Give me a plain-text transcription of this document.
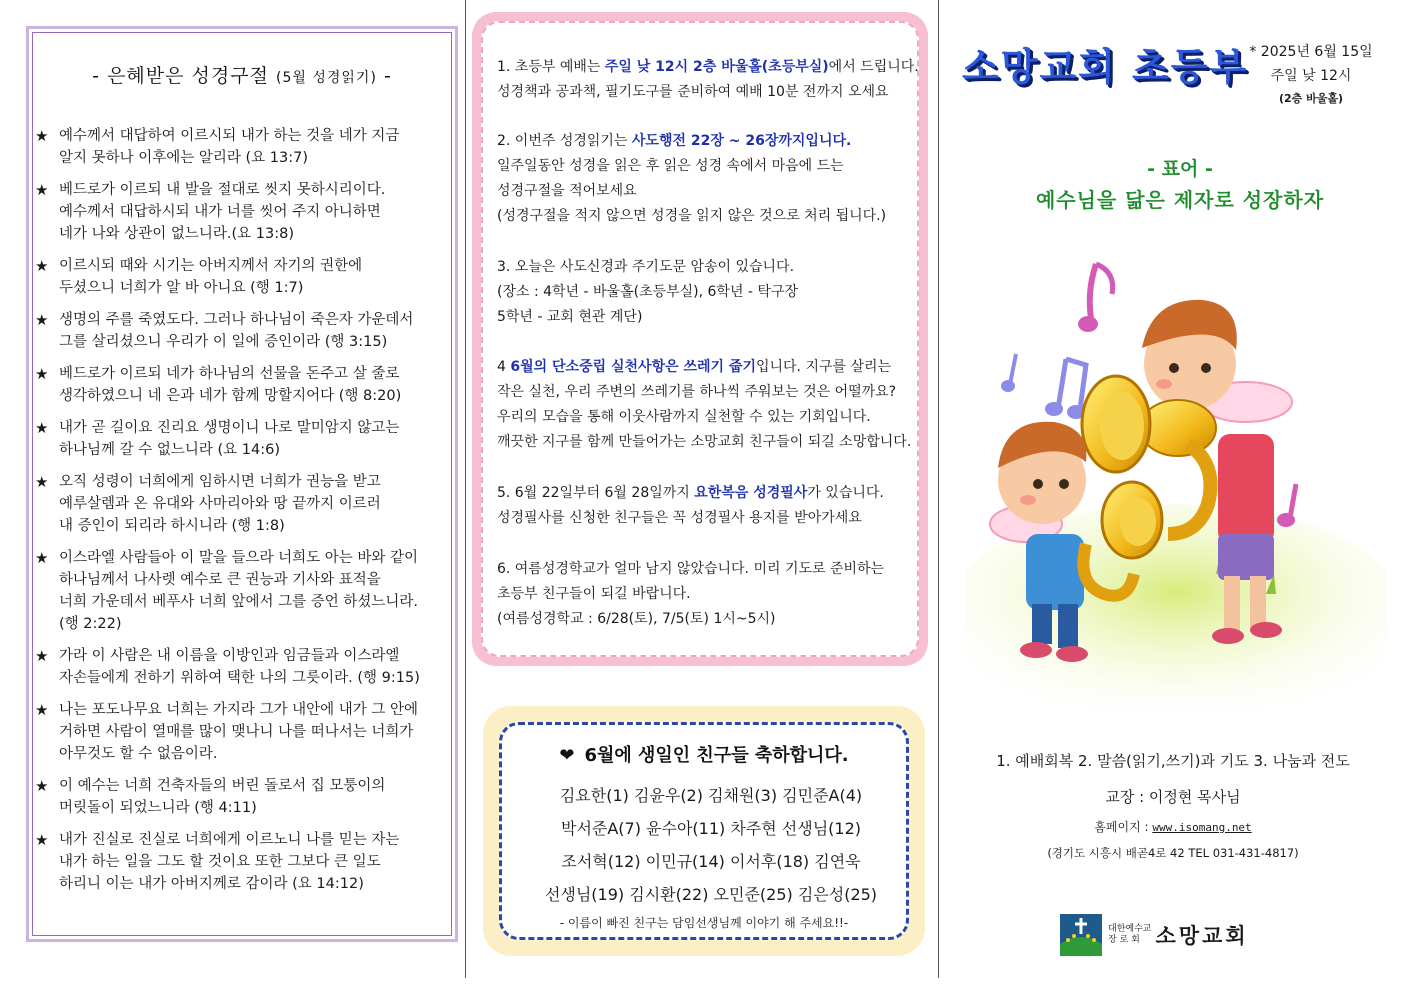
- 은혜받은 성경구절 (5월 성경읽기) -
★ 예수께서 대답하여 이르시되 내가 하는 것을 네가 지금
알지 못하나 이후에는 알리라 (요 13:7)
★ 베드로가 이르되 내 발을 절대로 씻지 못하시리이다.
예수께서 대답하시되 내가 너를 씻어 주지 아니하면
네가 나와 상관이 없느니라.(요 13:8)
★ 이르시되 때와 시기는 아버지께서 자기의 권한에
두셨으니 너희가 알 바 아니요 (행 1:7)
★ 생명의 주를 죽였도다. 그러나 하나님이 죽은자 가운데서
그를 살리셨으니 우리가 이 일에 증인이라 (행 3:15)
★ 베드로가 이르되 네가 하나님의 선물을 돈주고 살 줄로
생각하였으니 네 은과 네가 함께 망할지어다 (행 8:20)
★ 내가 곧 길이요 진리요 생명이니 나로 말미암지 않고는
하나님께 갈 수 없느니라 (요 14:6)
★ 오직 성령이 너희에게 임하시면 너희가 권능을 받고
예루살렘과 온 유대와 사마리아와 땅 끝까지 이르러
내 증인이 되리라 하시니라 (행 1:8)
★ 이스라엘 사람들아 이 말을 들으라 너희도 아는 바와 같이
하나님께서 나사렛 예수로 큰 권능과 기사와 표적을
너희 가운데서 베푸사 너희 앞에서 그를 증언 하셨느니라.
(행 2:22)
★ 가라 이 사람은 내 이름을 이방인과 임금들과 이스라엘
자손들에게 전하기 위하여 택한 나의 그릇이라. (행 9:15)
★ 나는 포도나무요 너희는 가지라 그가 내안에 내가 그 안에
거하면 사람이 열매를 많이 맺나니 나를 떠나서는 너희가
아무것도 할 수 없음이라.
★ 이 예수는 너희 건축자들의 버린 돌로서 집 모퉁이의
머릿돌이 되었느니라 (행 4:11)
★ 내가 진실로 진실로 너희에게 이르노니 나를 믿는 자는
내가 하는 일을 그도 할 것이요 또한 그보다 큰 일도
하리니 이는 내가 아버지께로 감이라 (요 14:12)
1. 초등부 예배는 주일 낮 12시 2층 바울홀(초등부실)에서 드립니다.
성경책과 공과책, 필기도구를 준비하여 예배 10분 전까지 오세요
2. 이번주 성경읽기는 사도행전 22장 ~ 26장까지입니다.
일주일동안 성경을 읽은 후 읽은 성경 속에서 마음에 드는
성경구절을 적어보세요
(성경구절을 적지 않으면 성경을 읽지 않은 것으로 처리 됩니다.)
3. 오늘은 사도신경과 주기도문 암송이 있습니다.
(장소 : 4학년 - 바울홀(초등부실), 6학년 - 탁구장
5학년 - 교회 현관 계단)
4 6월의 단소중립 실천사항은 쓰레기 줍기입니다. 지구를 살리는
작은 실천, 우리 주변의 쓰레기를 하나씩 주워보는 것은 어떨까요?
우리의 모습을 통해 이웃사람까지 실천할 수 있는 기회입니다.
깨끗한 지구를 함께 만들어가는 소망교회 친구들이 되길 소망합니다.
5. 6월 22일부터 6월 28일까지 요한복음 성경필사가 있습니다.
성경필사를 신청한 친구들은 꼭 성경필사 용지를 받아가세요
6. 여름성경학교가 얼마 남지 않았습니다. 미리 기도로 준비하는
초등부 친구들이 되길 바랍니다.
(여름성경학교 : 6/28(토), 7/5(토) 1시~5시)
❤ 6월에 생일인 친구들 축하합니다.
김요한(1) 김윤우(2) 김채원(3) 김민준A(4)
박서준A(7) 윤수아(11) 차주현 선생님(12)
조서혁(12) 이민규(14) 이서후(18) 김연욱
선생님(19) 김시환(22) 오민준(25) 김은성(25)
- 이름이 빠진 친구는 담임선생님께 이야기 해 주세요!!-
소망교회 초등부 * 2025년 6월 15일
주일 낮 12시
(2층 바울홀)
- 표어 -
예수님을 닮은 제자로 성장하자
1. 예배회복 2. 말씀(읽기,쓰기)과 기도 3. 나눔과 전도
교장 : 이정현 목사님
홈페이지 : www.isomang.net
(경기도 시흥시 배곧4로 42 TEL 031-431-4817)
대한예수교
장 로 회 소망교회
